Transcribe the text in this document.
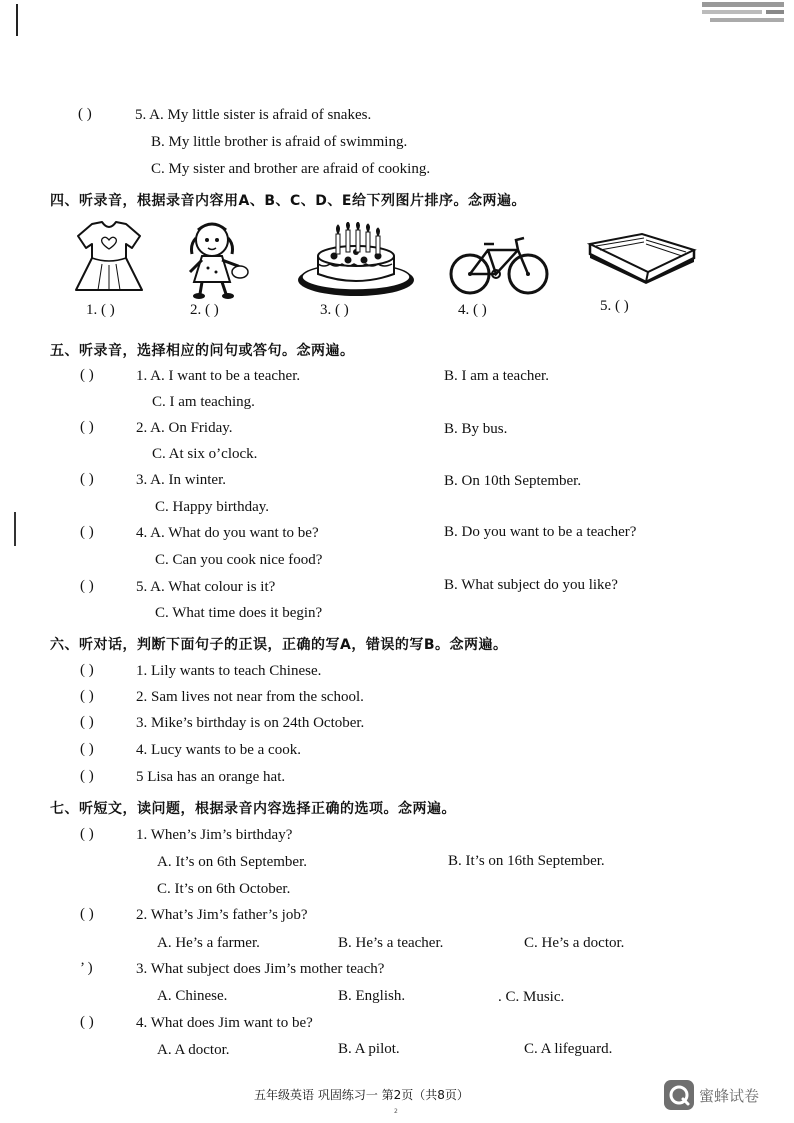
( )	5. A. My little sister is afraid of snakes.
B. My little brother is afraid of swimming.
C. My sister and brother are afraid of cooking.
四、听录音，根据录音内容用A、B、C、D、E给下列图片排序。念两遍。
1. ( )	2. ( )	3. ( )	4. ( )	5. ( )
五、听录音，选择相应的问句或答句。念两遍。
( )	1. A. I want to be a teacher.	B. I am a teacher.
C. I am teaching.
( )	2. A. On Friday.	B. By bus.
C. At six o’clock.
( )	3. A. In winter.	B. On 10th September.
C. Happy birthday.
( )	4. A. What do you want to be?	B. Do you want to be a teacher?
C. Can you cook nice food?
( )	5. A. What colour is it?	B. What subject do you like?
C. What time does it begin?
六、听对话，判断下面句子的正误，正确的写A，错误的写B。念两遍。
( )	1. Lily wants to teach Chinese.
( )	2. Sam lives not near from the school.
( )	3. Mike’s birthday is on 24th October.
( )	4. Lucy wants to be a cook.
( )	5 Lisa has an orange hat.
七、听短文，读问题，根据录音内容选择正确的选项。念两遍。
( )	1. When’s Jim’s birthday?
A. It’s on 6th September.	B. It’s on 16th September.
C. It’s on 6th October.
( )	2. What’s Jim’s father’s job?
A. He’s a farmer.	B. He’s a teacher.	C. He’s a doctor.
’ )	3. What subject does Jim’s mother teach?
A. Chinese.	B. English.	. C. Music.
( )	4. What does Jim want to be?
A. A doctor.	B. A pilot.	C. A lifeguard.
五年级英语 巩固练习一 第2页（共8页）
2
蜜蜂试卷
